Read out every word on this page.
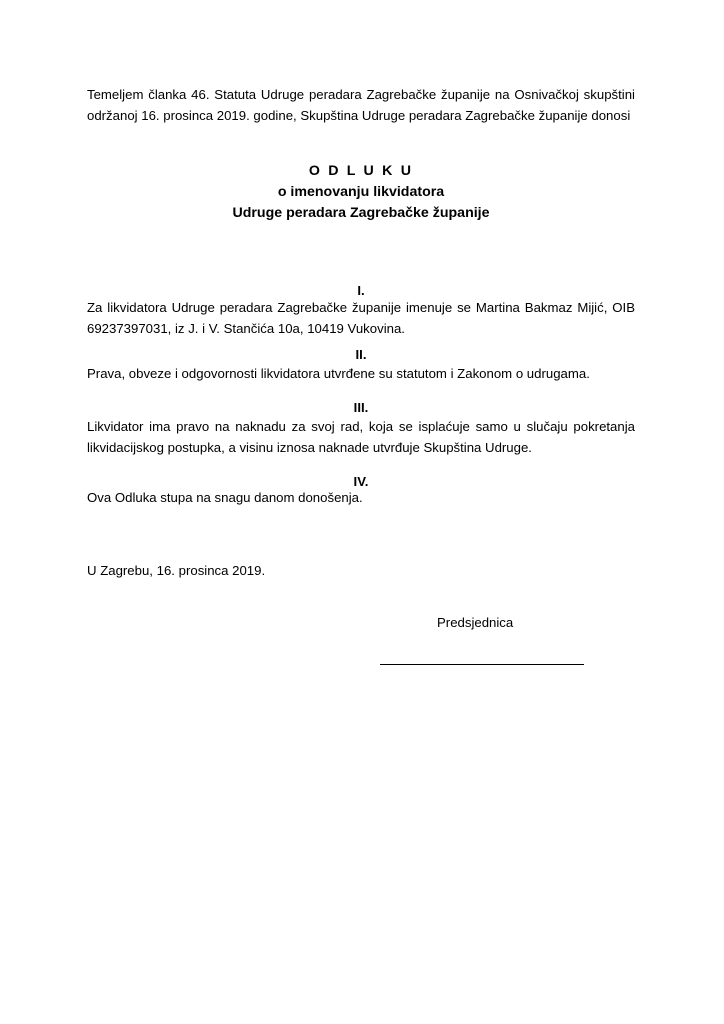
Temeljem članka 46. Statuta Udruge peradara Zagrebačke županije na Osnivačkoj skupštini
održanoj 16. prosinca 2019. godine, Skupština Udruge peradara Zagrebačke županije donosi
O D L U K U
o imenovanju likvidatora
Udruge peradara Zagrebačke županije
I.
Za likvidatora Udruge peradara Zagrebačke županije imenuje se Martina Bakmaz Mijić, OIB 69237397031, iz J. i V. Stančića 10a, 10419 Vukovina.
II.
Prava, obveze i odgovornosti likvidatora utvrđene su statutom i Zakonom o udrugama.
III.
Likvidator ima pravo na naknadu za svoj rad, koja se isplaćuje samo u slučaju pokretanja likvidacijskog postupka, a visinu iznosa naknade utvrđuje Skupština Udruge.
IV.
Ova Odluka stupa na snagu danom donošenja.
U Zagrebu, 16. prosinca 2019.
Predsjednica
